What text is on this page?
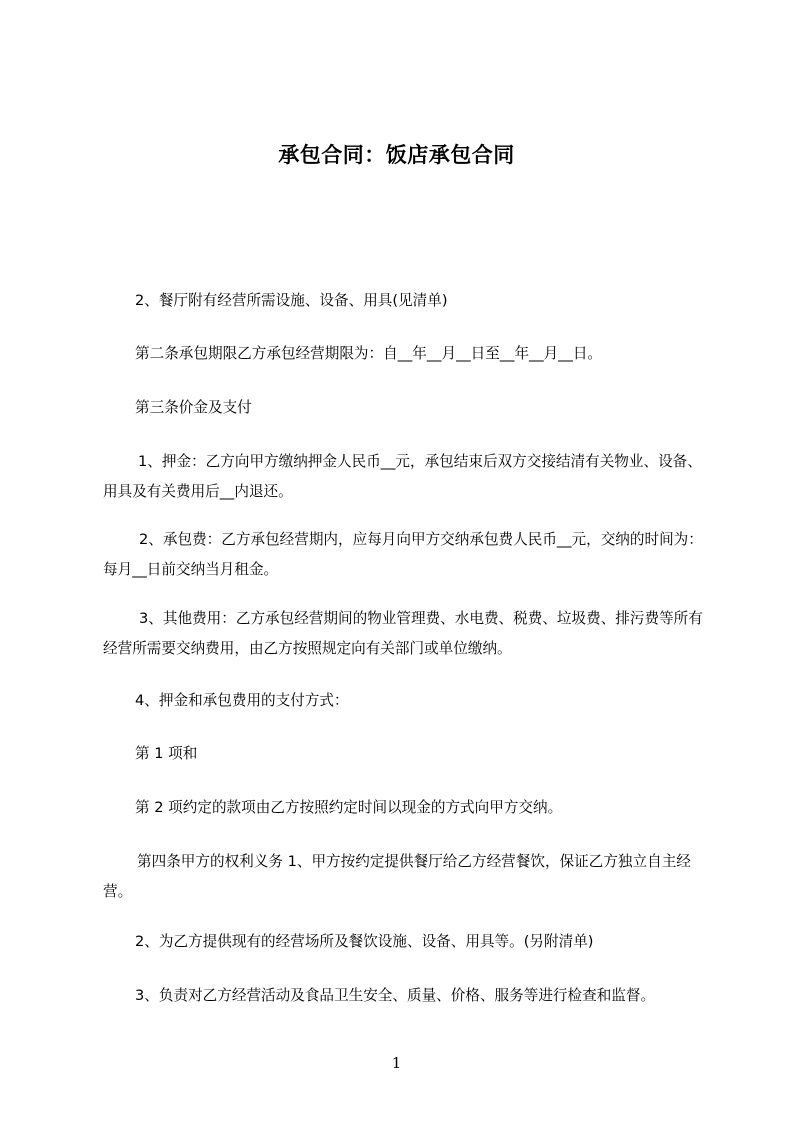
承包合同：饭店承包合同

2、餐厅附有经营所需设施、设备、用具(见清单)

第二条承包期限乙方承包经营期限为：自__年__月__日至__年__月__日。

第三条价金及支付

1、押金：乙方向甲方缴纳押金人民币__元，承包结束后双方交接结清有关物业、设备、用具及有关费用后__内退还。

2、承包费：乙方承包经营期内，应每月向甲方交纳承包费人民币__元，交纳的时间为：每月__日前交纳当月租金。

3、其他费用：乙方承包经营期间的物业管理费、水电费、税费、垃圾费、排污费等所有经营所需要交纳费用，由乙方按照规定向有关部门或单位缴纳。

4、押金和承包费用的支付方式：

第 1 项和

第 2 项约定的款项由乙方按照约定时间以现金的方式向甲方交纳。

第四条甲方的权利义务 1、甲方按约定提供餐厅给乙方经营餐饮，保证乙方独立自主经营。

2、为乙方提供现有的经营场所及餐饮设施、设备、用具等。(另附清单)

3、负责对乙方经营活动及食品卫生安全、质量、价格、服务等进行检查和监督。

1
